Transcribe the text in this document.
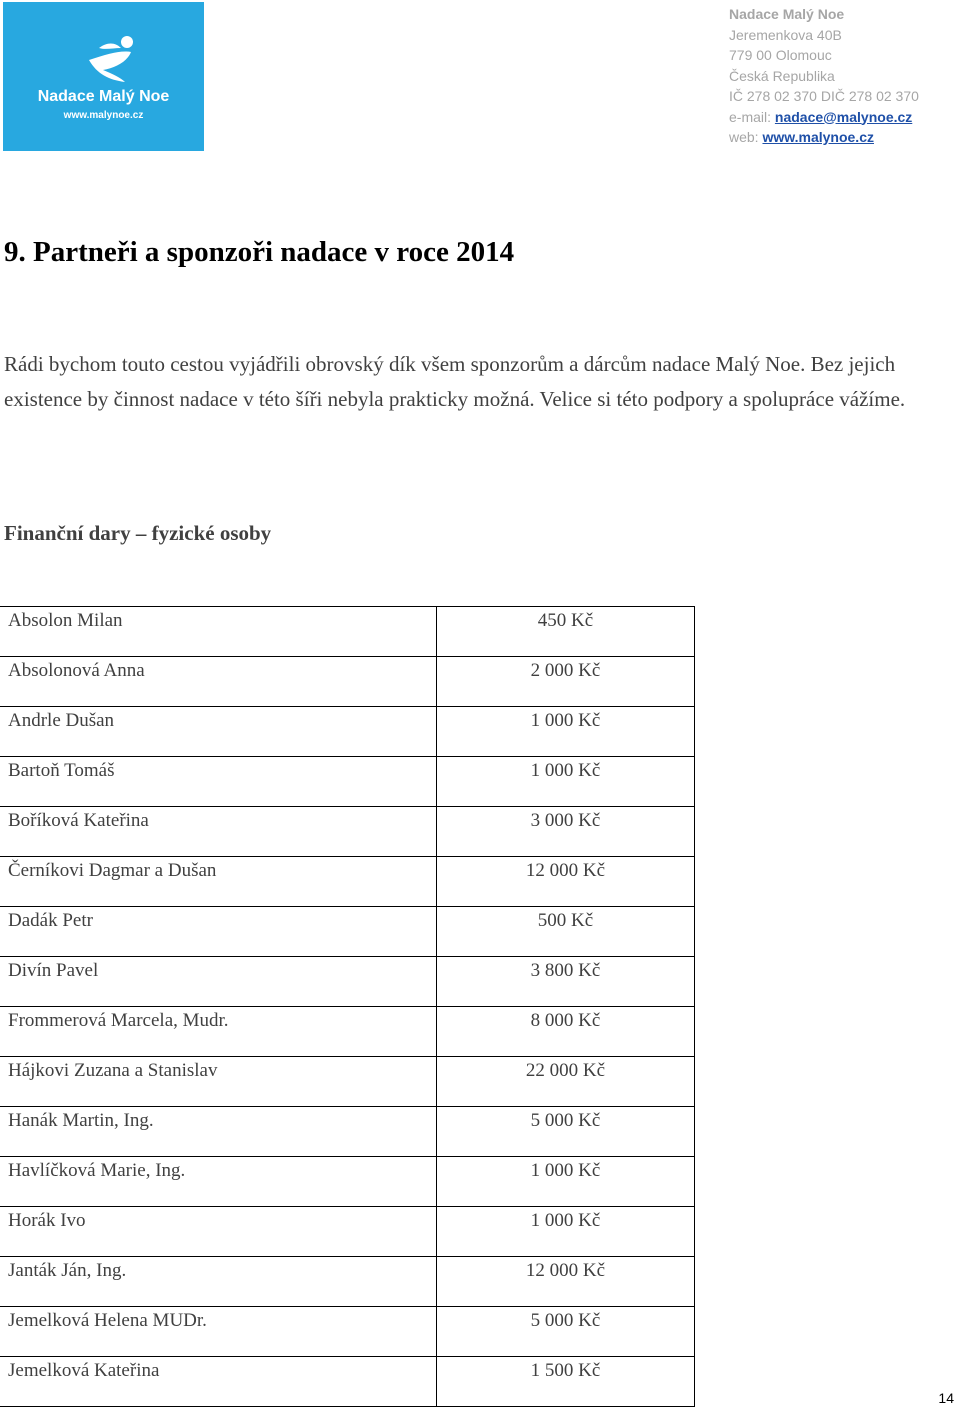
Nadace Malý Noe
www.malynoe.cz
Nadace Malý Noe
Jeremenkova 40B
779 00 Olomouc
Česká Republika
IČ 278 02 370 DIČ 278 02 370
e-mail: nadace@malynoe.cz
web: www.malynoe.cz
9. Partneři a sponzoři nadace v roce 2014

Rádi bychom touto cestou vyjádřili obrovský dík všem sponzorům a dárcům nadace Malý Noe. Bez jejich existence by činnost nadace v této šíři nebyla prakticky možná. Velice si této podpory a spolupráce vážíme.

Finanční dary – fyzické osoby
Absolon Milan	450 Kč
Absolonová Anna	2 000 Kč
Andrle Dušan	1 000 Kč
Bartoň Tomáš	1 000 Kč
Boříková Kateřina	3 000 Kč
Černíkovi Dagmar a Dušan	12 000 Kč
Dadák Petr	500 Kč
Divín Pavel	3 800 Kč
Frommerová Marcela, Mudr.	8 000 Kč
Hájkovi Zuzana a Stanislav	22 000 Kč
Hanák Martin, Ing.	5 000 Kč
Havlíčková Marie, Ing.	1 000 Kč
Horák Ivo	1 000 Kč
Janták Ján, Ing.	12 000 Kč
Jemelková Helena MUDr.	5 000 Kč
Jemelková Kateřina	1 500 Kč
14
